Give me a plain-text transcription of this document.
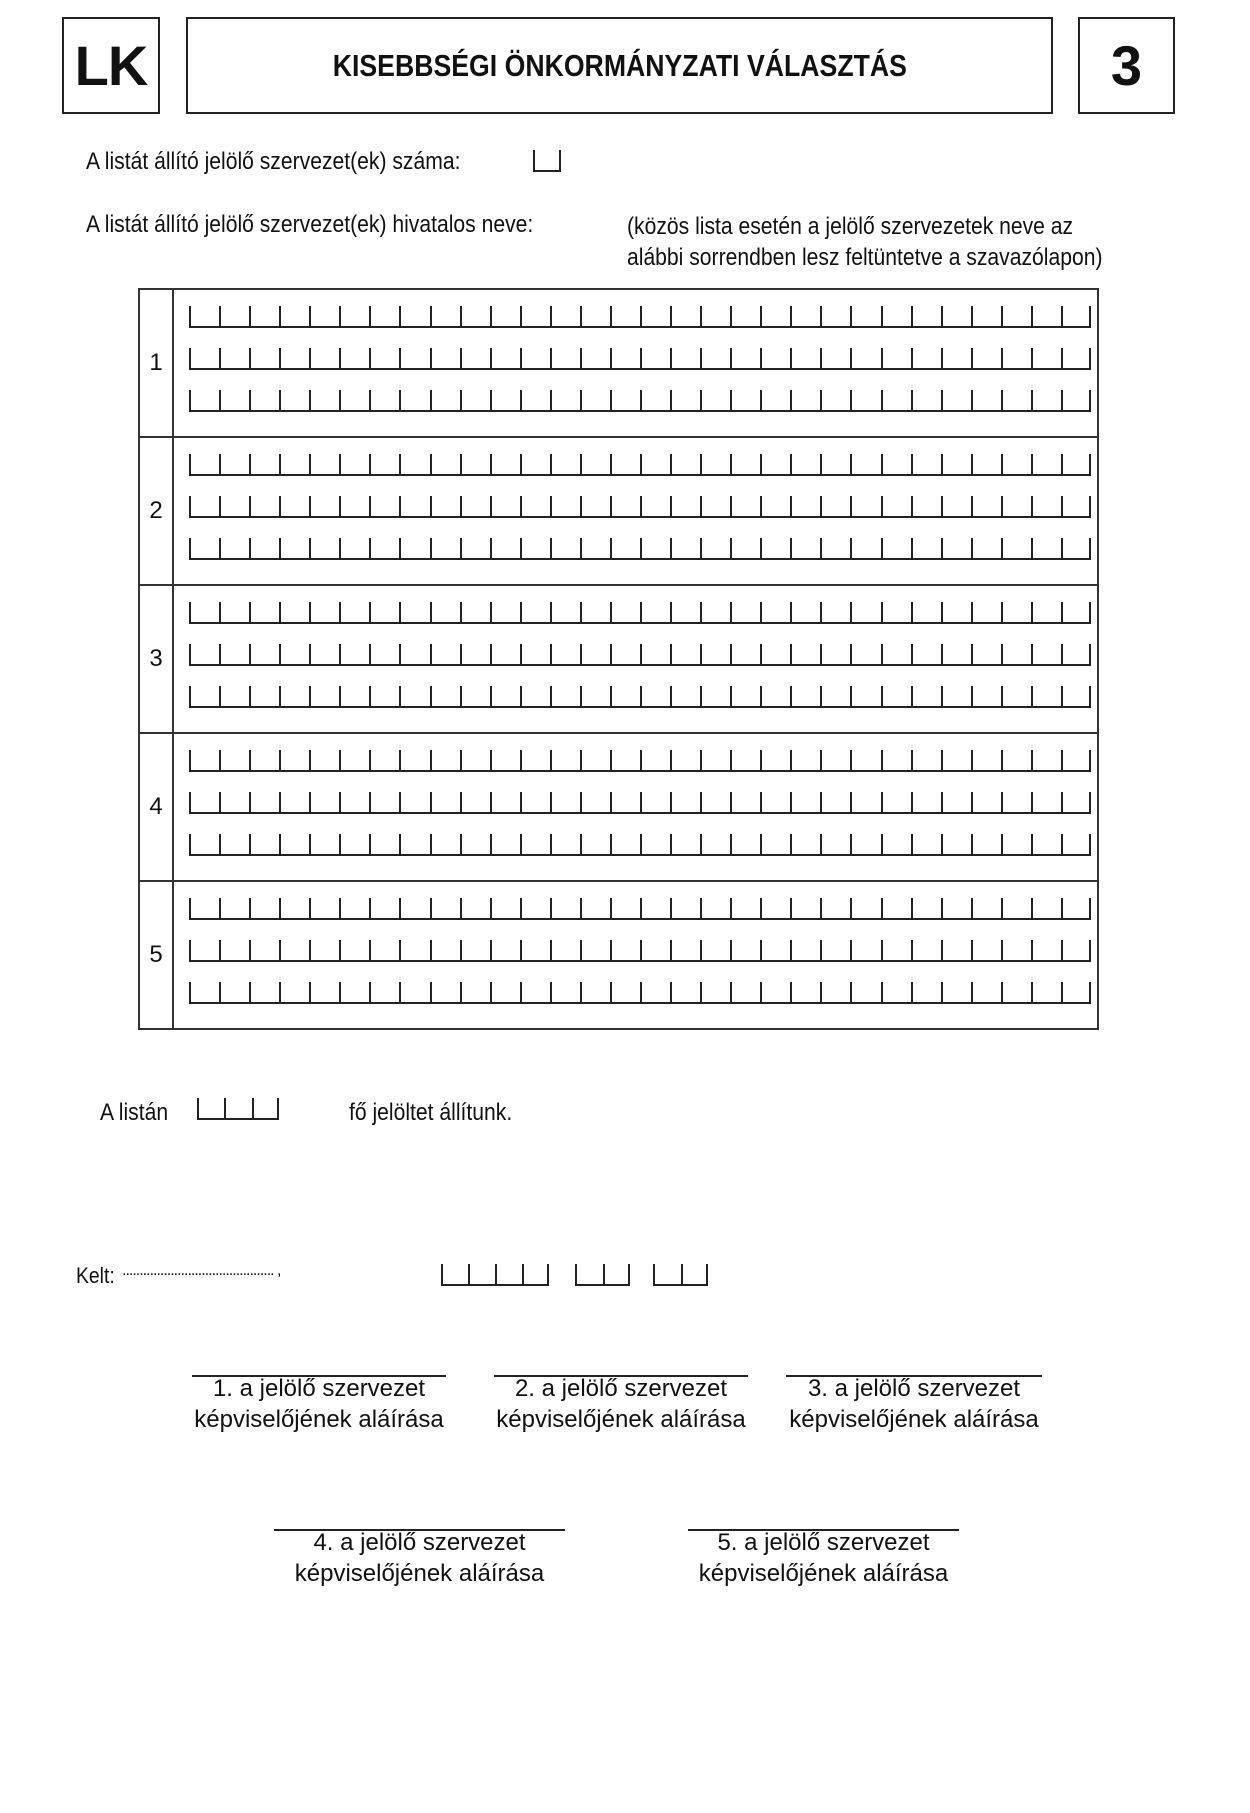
LK	KISEBBSÉGI ÖNKORMÁNYZATI VÁLASZTÁS	3
A listát állító jelölő szervezet(ek) száma:
A listát állító jelölő szervezet(ek) hivatalos neve:	(közös lista esetén a jelölő szervezetek neve az
alábbi sorrendben lesz feltüntetve a szavazólapon)
1	

2	

3	

4	

5	
A listán	fő jelöltet állítunk.
Kelt: ............................................ ,
1. a jelölő szervezet
képviselőjének aláírása
2. a jelölő szervezet
képviselőjének aláírása
3. a jelölő szervezet
képviselőjének aláírása
4. a jelölő szervezet
képviselőjének aláírása
5. a jelölő szervezet
képviselőjének aláírása
